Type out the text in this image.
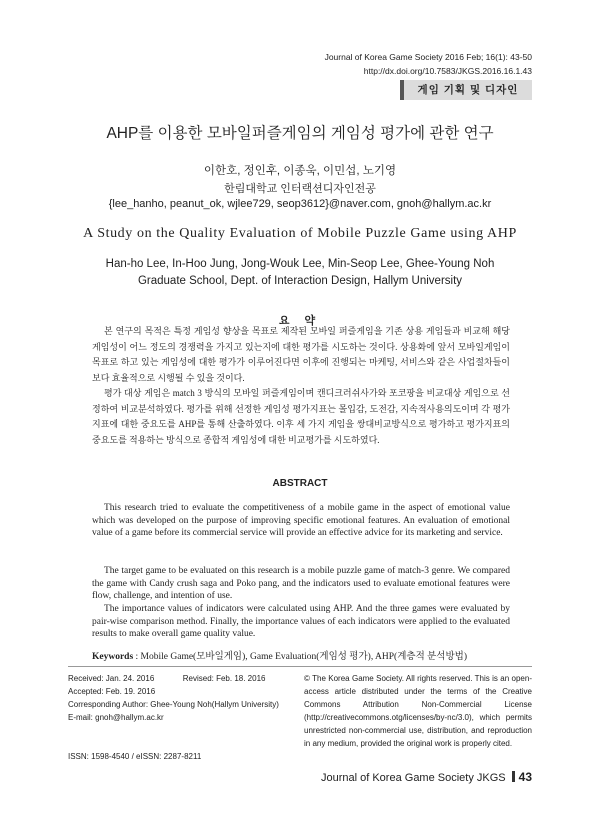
Journal of Korea Game Society 2016 Feb; 16(1): 43-50
http://dx.doi.org/10.7583/JKGS.2016.16.1.43
게임 기획 및 디자인
AHP를 이용한 모바일퍼즐게임의 게임성 평가에 관한 연구
이한호, 정인후, 이종욱, 이민섭, 노기영
한림대학교 인터랙션디자인전공
{lee_hanho, peanut_ok, wjlee729, seop3612}@naver.com, gnoh@hallym.ac.kr
A Study on the Quality Evaluation of Mobile Puzzle Game using AHP
Han-ho Lee, In-Hoo Jung, Jong-Wouk Lee, Min-Seop Lee, Ghee-Young Noh
Graduate School, Dept. of Interaction Design, Hallym University
요 약

본 연구의 목적은 특정 게임성 향상을 목표로 제작된 모바일 퍼즐게임을 기존 상용 게임들과 비교해 해당 게임성이 어느 정도의 경쟁력을 가지고 있는지에 대한 평가를 시도하는 것이다. 상용화에 앞서 모바일게임이 목표로 하고 있는 게임성에 대한 평가가 이루어진다면 이후에 진행되는 마케팅, 서비스와 같은 사업절차들이 보다 효율적으로 시행될 수 있을 것이다.

평가 대상 게임은 match 3 방식의 모바일 퍼즐게임이며 캔디크러쉬사가와 포코팡을 비교대상 게임으로 선정하여 비교분석하였다. 평가를 위해 선정한 게임성 평가지표는 몰입감, 도전감, 지속적사용의도이며 각 평가지표에 대한 중요도를 AHP를 통해 산출하였다. 이후 세 가지 게임을 쌍대비교방식으로 평가하고 평가지표의 중요도를 적용하는 방식으로 종합적 게임성에 대한 비교평가를 시도하였다.

ABSTRACT

This research tried to evaluate the competitiveness of a mobile game in the aspect of emotional value which was developed on the purpose of improving specific emotional features. An evaluation of emotional value of a game before its commercial service will provide an effective advice for its marketing and service.

The target game to be evaluated on this research is a mobile puzzle game of match-3 genre. We compared the game with Candy crush saga and Poko pang, and the indicators used to evaluate emotional features were flow, challenge, and intention of use.

The importance values of indicators were calculated using AHP. And the three games were evaluated by pair-wise comparison method. Finally, the importance values of each indicators were applied to the evaluated results to make overall game quality value.

Keywords : Mobile Game(모바일게임), Game Evaluation(게임성 평가), AHP(계층적 분석방법)
Received: Jan. 24. 2016	Revised: Feb. 18. 2016
Accepted: Feb. 19. 2016
Corresponding Author: Ghee-Young Noh(Hallym University)
E-mail: gnoh@hallym.ac.kr
ISSN: 1598-4540 / eISSN: 2287-8211
© The Korea Game Society. All rights reserved. This is an open-access article distributed under the terms of the Creative Commons Attribution Non-Commercial License (http://creativecommons.otg/licenses/by-nc/3.0), which permits unrestricted non-commercial use, distribution, and reproduction in any medium, provided the original work is properly cited.
Journal of Korea Game Society JKGS 43
